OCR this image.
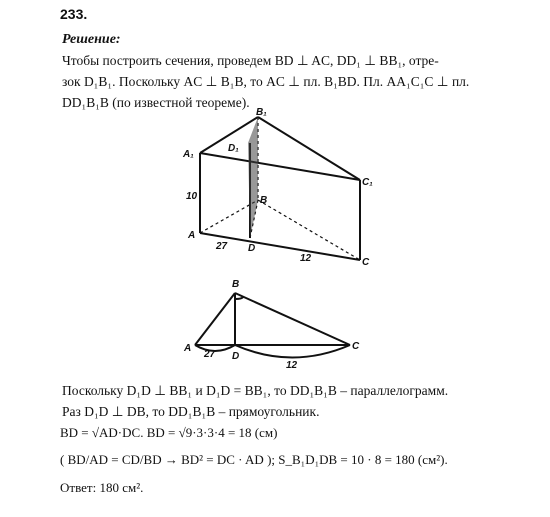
233.
Решение:
Чтобы построить сечения, проведем BD ⊥ AC, DD₁ ⊥ BB₁, отре-
зок D₁B₁. Поскольку AC ⊥ B₁B, то AC ⊥ пл. B₁BD. Пл. AA₁C₁C ⊥ пл.
DD₁B₁B (по известной теореме).
A₁
B₁
C₁
D₁
A
B
C
D
10
27
12
A
B
C
D
27
12
Поскольку D₁D ⊥ BB₁ и D₁D = BB₁, то DD₁B₁B – параллелограмм.
Раз D₁D ⊥ DB, то DD₁B₁B – прямоугольник.
BD = √AD·DC. BD = √9·3·3·4 = 18 (см)
( BD/AD = CD/BD → BD² = DC · AD ); S_B₁D₁DB = 10 · 8 = 180 (см²).
Ответ: 180 см².
